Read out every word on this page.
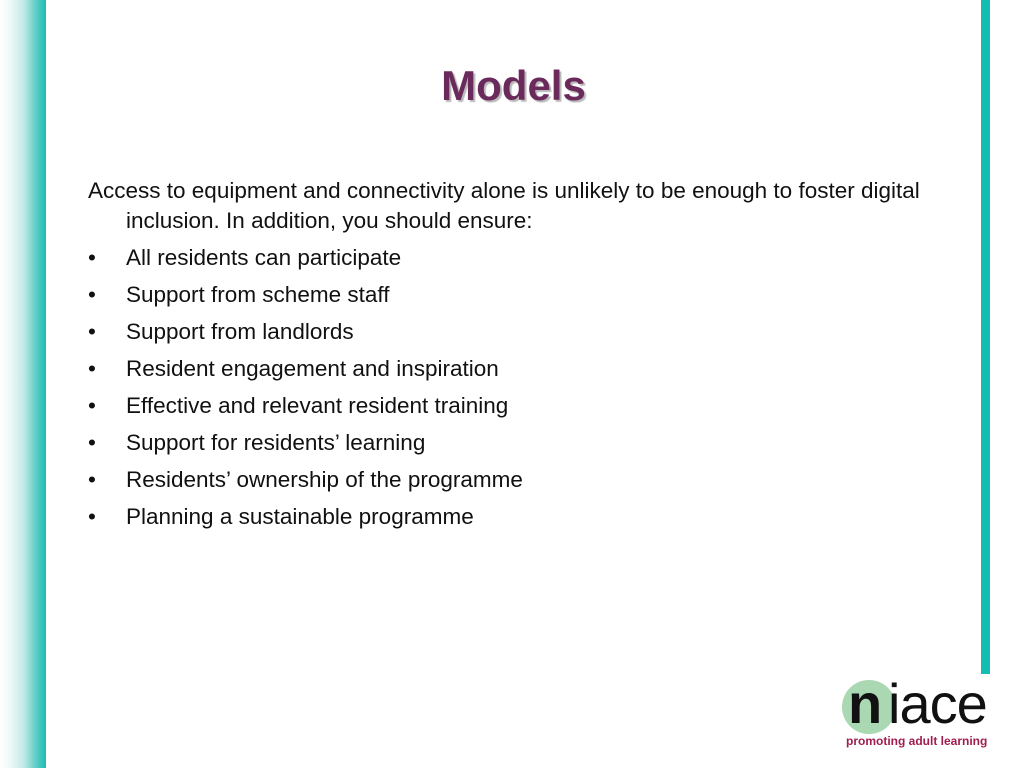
Models

Access to equipment and connectivity alone is unlikely to be enough to foster digital inclusion. In addition, you should ensure:

• All residents can participate
• Support from scheme staff
• Support from landlords
• Resident engagement and inspiration
• Effective and relevant resident training
• Support for residents’ learning
• Residents’ ownership of the programme
• Planning a sustainable programme
n iace
promoting adult learning
